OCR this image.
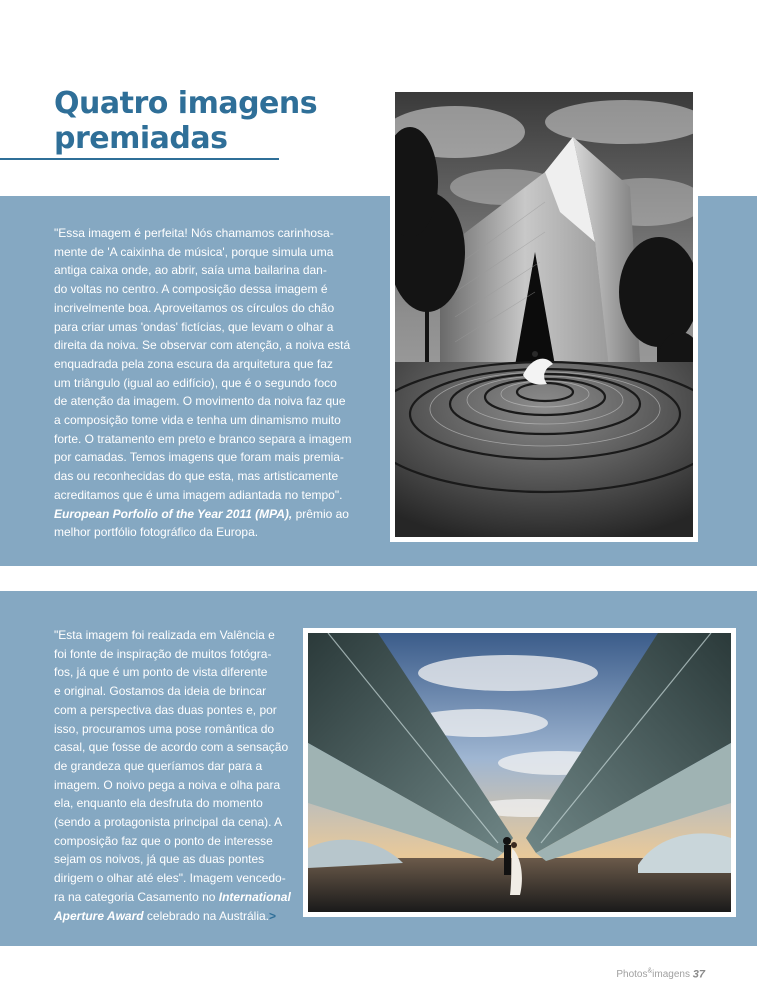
Quatro imagens
premiadas
"Essa imagem é perfeita! Nós chamamos carinhosa-
mente de 'A caixinha de música', porque simula uma
antiga caixa onde, ao abrir, saía uma bailarina dan-
do voltas no centro. A composição dessa imagem é
incrivelmente boa. Aproveitamos os círculos do chão
para criar umas 'ondas' fictícias, que levam o olhar a
direita da noiva. Se observar com atenção, a noiva está
enquadrada pela zona escura da arquitetura que faz
um triângulo (igual ao edifício), que é o segundo foco
de atenção da imagem. O movimento da noiva faz que
a composição tome vida e tenha um dinamismo muito
forte. O tratamento em preto e branco separa a imagem
por camadas. Temos imagens que foram mais premia-
das ou reconhecidas do que esta, mas artisticamente
acreditamos que é uma imagem adiantada no tempo".
European Porfolio of the Year 2011 (MPA), prêmio ao
melhor portfólio fotográfico da Europa.
"Esta imagem foi realizada em Valência e
foi fonte de inspiração de muitos fotógra-
fos, já que é um ponto de vista diferente
e original. Gostamos da ideia de brincar
com a perspectiva das duas pontes e, por
isso, procuramos uma pose romântica do
casal, que fosse de acordo com a sensação
de grandeza que queríamos dar para a
imagem. O noivo pega a noiva e olha para
ela, enquanto ela desfruta do momento
(sendo a protagonista principal da cena). A
composição faz que o ponto de interesse
sejam os noivos, já que as duas pontes
dirigem o olhar até eles". Imagem vencedo-
ra na categoria Casamento no International
Aperture Award celebrado na Austrália.>
Photos&imagens 37
